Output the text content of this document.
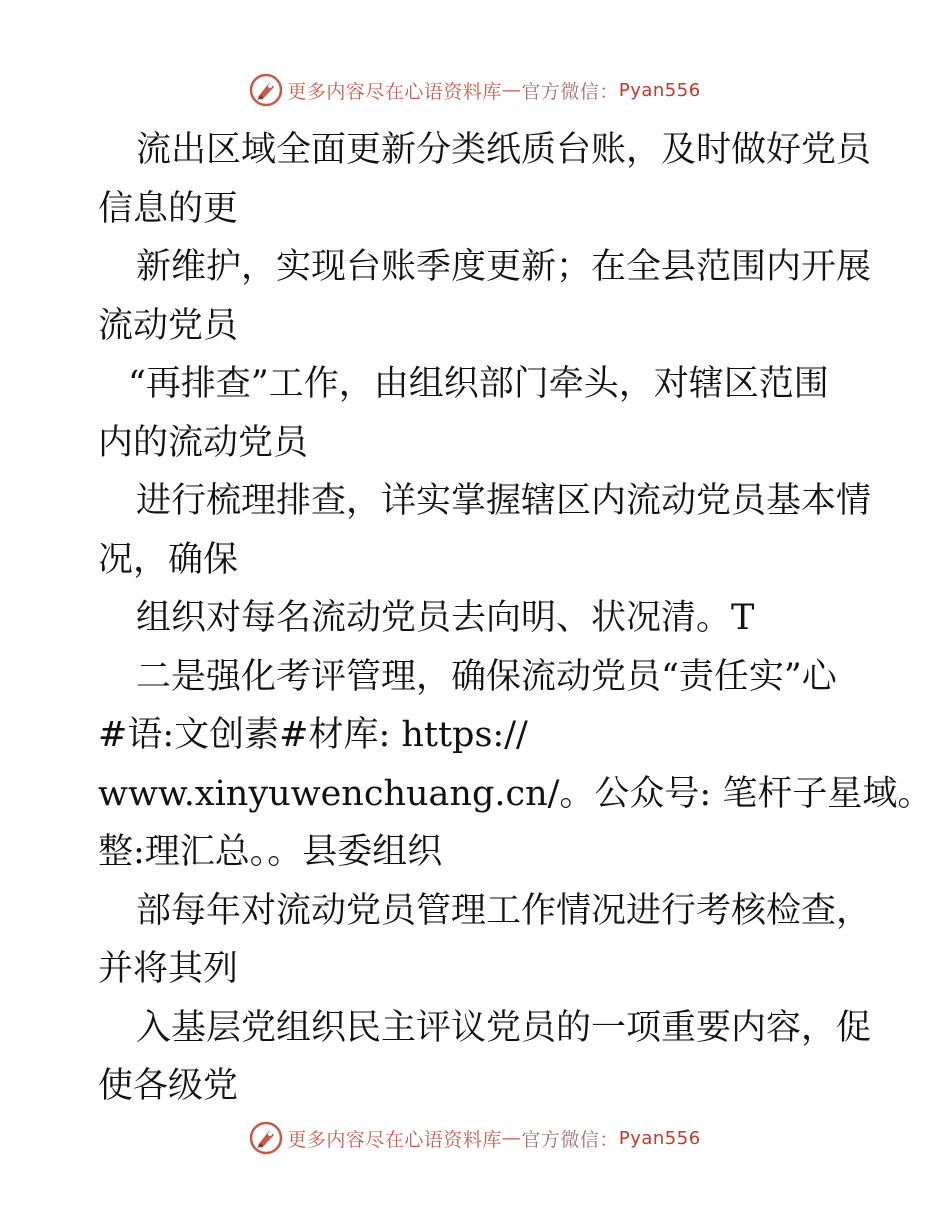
更多内容尽在心语资料库 — 官方微信： Pyan556
流出区域全面更新分类纸质台账，及时做好党员
信息的更
新维护，实现台账季度更新；在全县范围内开展
流动党员
“再排查”工作，由组织部门牵头，对辖区范围
内的流动党员
进行梳理排查，详实掌握辖区内流动党员基本情
况，确保
组织对每名流动党员去向明、状况清。T
二是强化考评管理，确保流动党员“责任实”心
#语:文创素#材库: https://
www.xinyuwenchuang.cn/。公众号: 笔杆子星域。
整:理汇总。。县委组织
部每年对流动党员管理工作情况进行考核检查，
并将其列
入基层党组织民主评议党员的一项重要内容，促
使各级党
更多内容尽在心语资料库 — 官方微信： Pyan556
